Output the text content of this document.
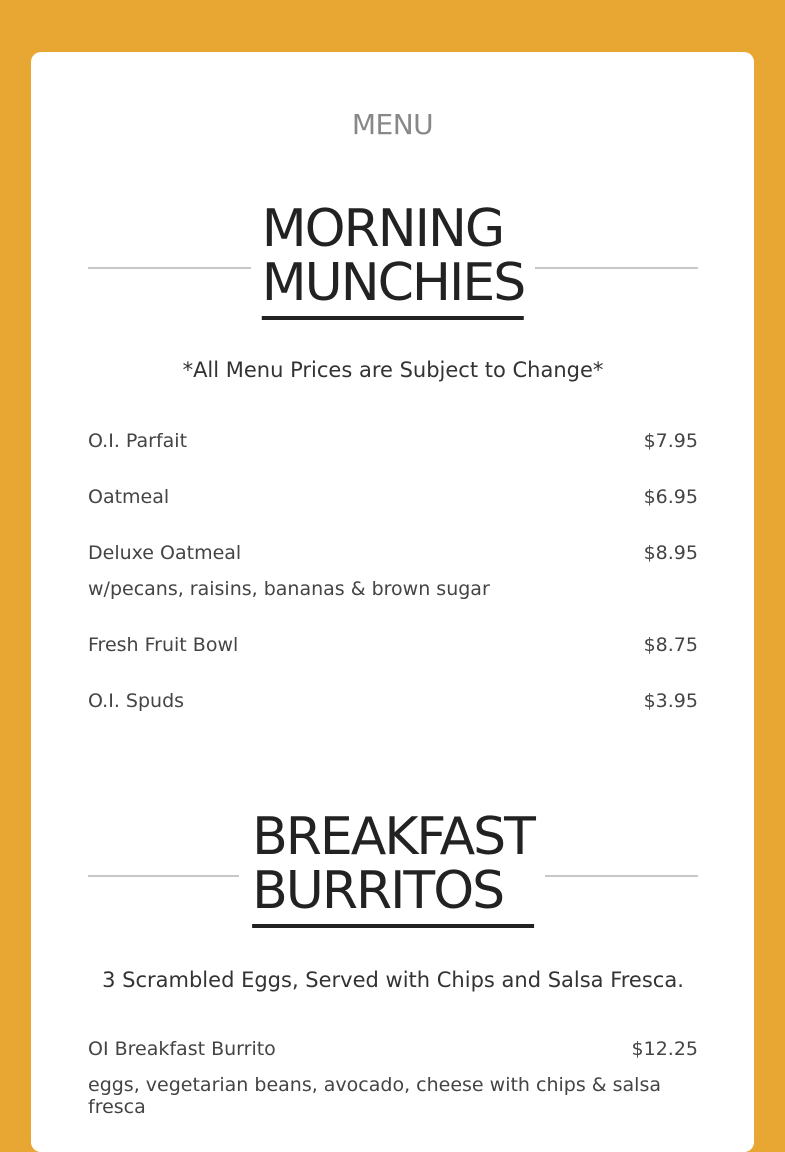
MENU
MORNING
MUNCHIES
*All Menu Prices are Subject to Change*
O.I. Parfait	$7.95
Oatmeal	$6.95
Deluxe Oatmeal	$8.95
w/pecans, raisins, bananas & brown sugar
Fresh Fruit Bowl	$8.75
O.I. Spuds	$3.95
BREAKFAST
BURRITOS
3 Scrambled Eggs, Served with Chips and Salsa Fresca.
OI Breakfast Burrito	$12.25
eggs, vegetarian beans, avocado, cheese with chips & salsa fresca
